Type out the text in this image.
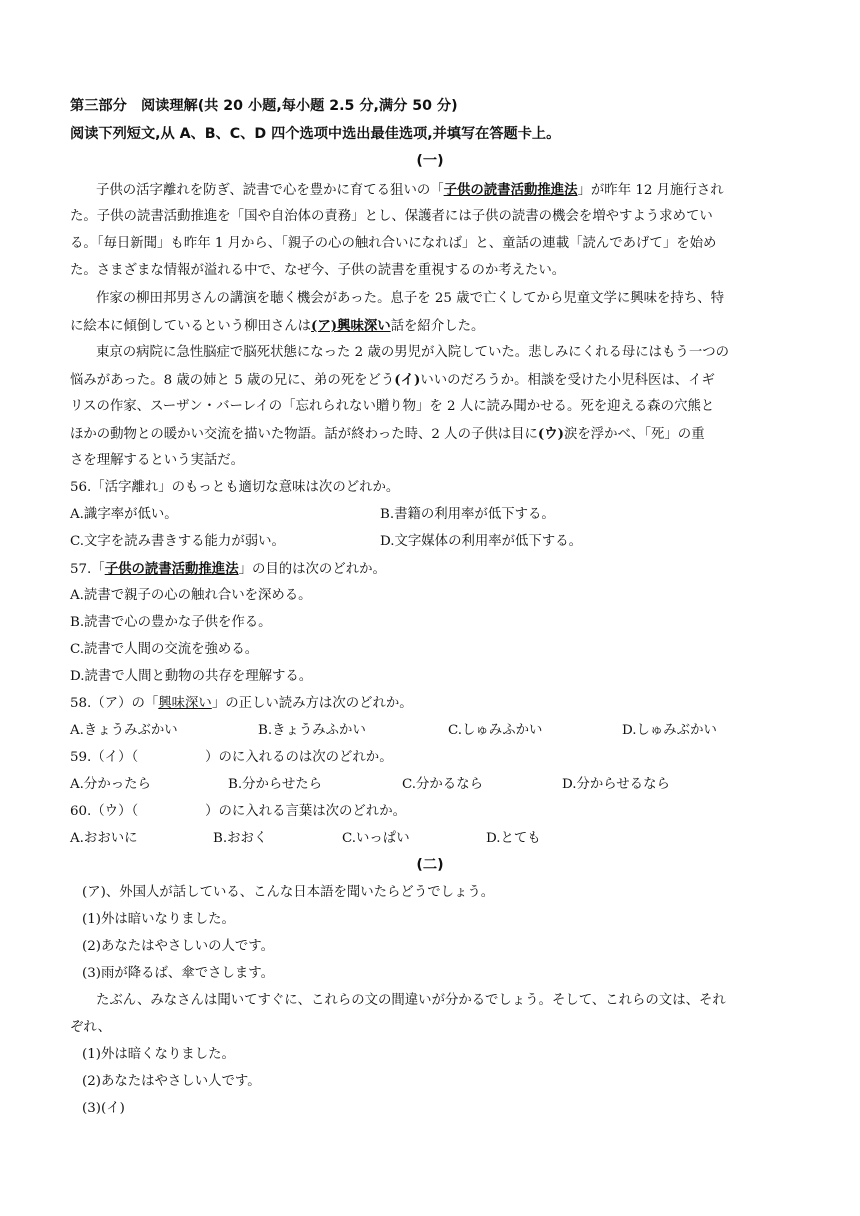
第三部分　阅读理解(共 20 小题,每小题 2.5 分,满分 50 分)
阅读下列短文,从 A、B、C、D 四个选项中选出最佳选项,并填写在答题卡上。
(一)
子供の活字離れを防ぎ、読書で心を豊かに育てる狙いの「子供の読書活動推進法」が昨年 12 月施行され
た。子供の読書活動推進を「国や自治体の責務」とし、保護者には子供の読書の機会を増やすよう求めてい
る。「毎日新聞」も昨年 1 月から、「親子の心の触れ合いになれば」と、童話の連載「読んであげて」を始め
た。さまざまな情報が溢れる中で、なぜ今、子供の読書を重視するのか考えたい。
作家の柳田邦男さんの講演を聴く機会があった。息子を 25 歳で亡くしてから児童文学に興味を持ち、特
に絵本に傾倒しているという柳田さんは(ア)興味深い話を紹介した。
東京の病院に急性脳症で脳死状態になった 2 歳の男児が入院していた。悲しみにくれる母にはもう一つの
悩みがあった。8 歳の姉と 5 歳の兄に、弟の死をどう(イ)いいのだろうか。相談を受けた小児科医は、イギ
リスの作家、スーザン・バーレイの「忘れられない贈り物」を 2 人に読み聞かせる。死を迎える森の穴熊と
ほかの動物との暖かい交流を描いた物語。話が終わった時、2 人の子供は目に(ウ)涙を浮かべ、「死」の重
さを理解するという実話だ。
56.「活字離れ」のもっとも適切な意味は次のどれか。
A.識字率が低い。	B.書籍の利用率が低下する。
C.文字を読み書きする能力が弱い。	D.文字媒体の利用率が低下する。
57.「子供の読書活動推進法」の目的は次のどれか。
A.読書で親子の心の触れ合いを深める。
B.読書で心の豊かな子供を作る。
C.読書で人間の交流を強める。
D.読書で人間と動物の共存を理解する。
58.（ア）の「興味深い」の正しい読み方は次のどれか。
A.きょうみぶかい	B.きょうみふかい	C.しゅみふかい	D.しゅみぶかい
59.（イ）（　　　　　）のに入れるのは次のどれか。
A.分かったら	B.分からせたら	C.分かるなら	D.分からせるなら
60.（ウ）（　　　　　）のに入れる言葉は次のどれか。
A.おおいに	B.おおく	C.いっぱい	D.とても
(二)
(ア)、外国人が話している、こんな日本語を聞いたらどうでしょう。
(1)外は暗いなりました。
(2)あなたはやさしいの人です。
(3)雨が降るば、傘でさします。
たぶん、みなさんは聞いてすぐに、これらの文の間違いが分かるでしょう。そして、これらの文は、それ
ぞれ、
(1)外は暗くなりました。
(2)あなたはやさしい人です。
(3)(イ)
